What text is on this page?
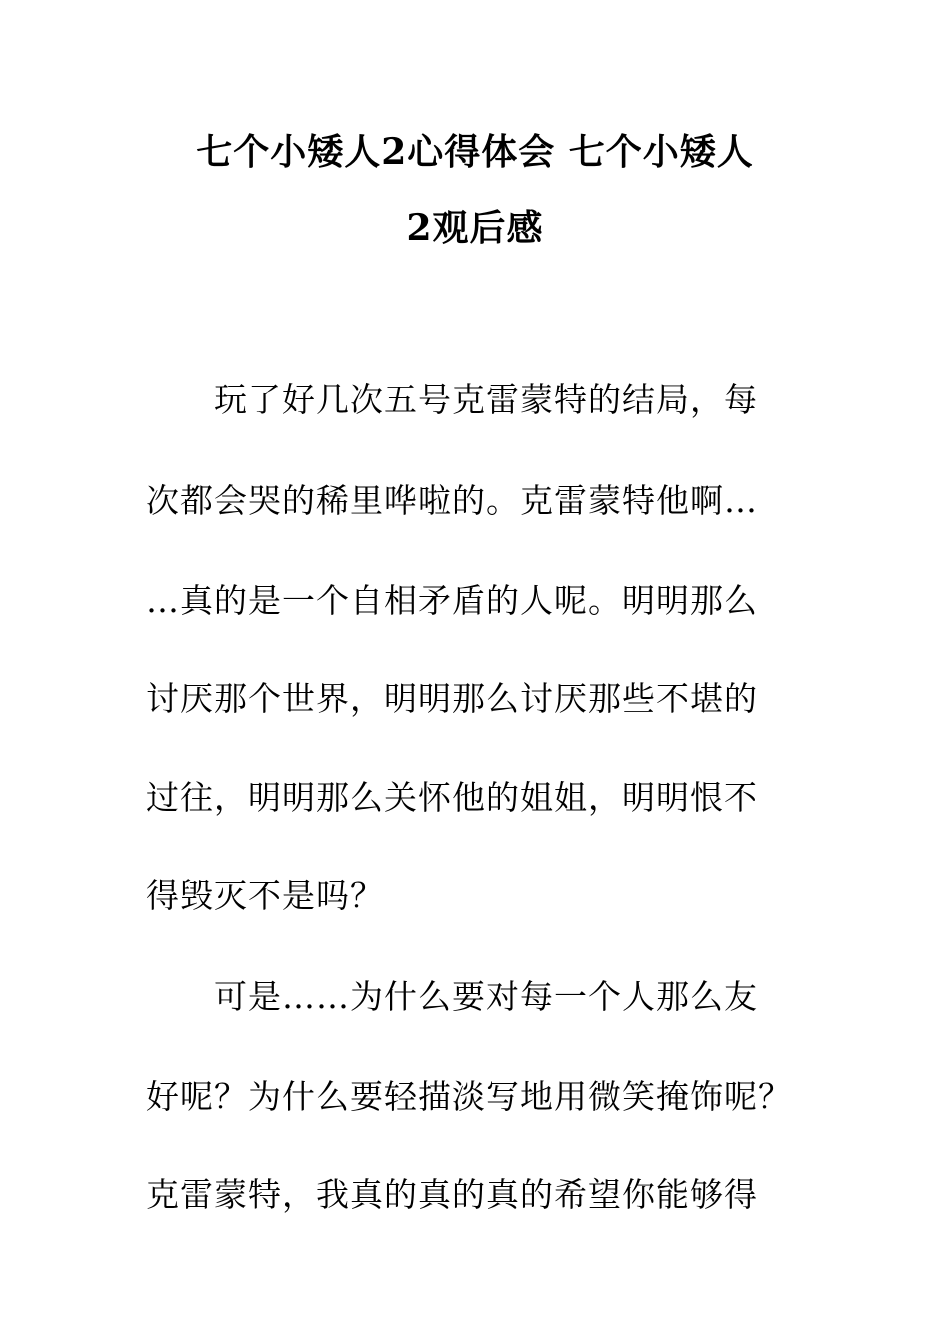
七个小矮人2心得体会 七个小矮人
2观后感
玩了好几次五号克雷蒙特的结局，每
次都会哭的稀里哗啦的。克雷蒙特他啊…
…真的是一个自相矛盾的人呢。明明那么
讨厌那个世界，明明那么讨厌那些不堪的
过往，明明那么关怀他的姐姐，明明恨不
得毁灭不是吗？
可是……为什么要对每一个人那么友
好呢？为什么要轻描淡写地用微笑掩饰呢？
克雷蒙特，我真的真的真的希望你能够得
